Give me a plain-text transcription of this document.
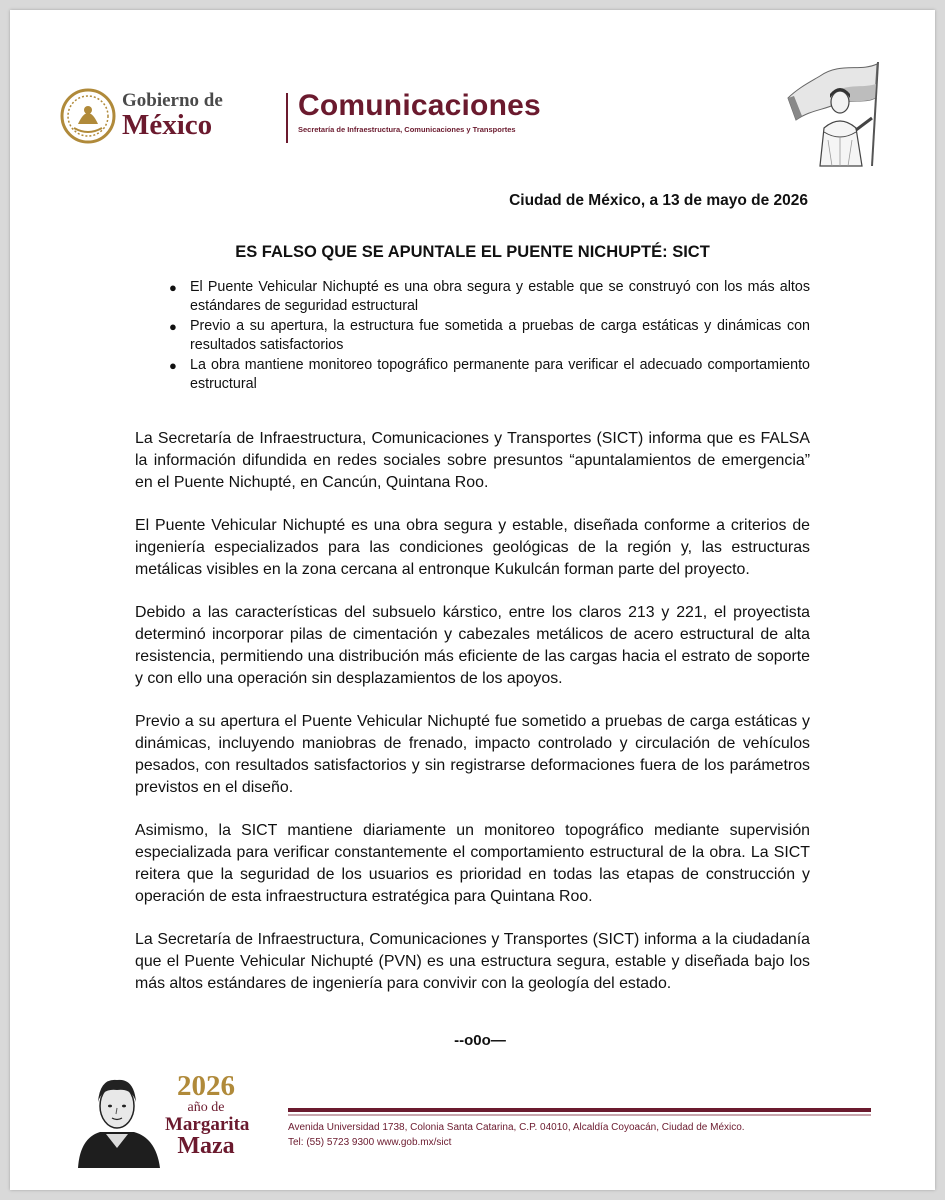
Gobierno de
México
Comunicaciones
Secretaría de Infraestructura, Comunicaciones y Transportes
Ciudad de México, a 13 de mayo de 2026
ES FALSO QUE SE APUNTALE EL PUENTE NICHUPTÉ: SICT
● El Puente Vehicular Nichupté es una obra segura y estable que se construyó con los más altos estándares de seguridad estructural
● Previo a su apertura, la estructura fue sometida a pruebas de carga estáticas y dinámicas con resultados satisfactorios
● La obra mantiene monitoreo topográfico permanente para verificar el adecuado comportamiento estructural

La Secretaría de Infraestructura, Comunicaciones y Transportes (SICT) informa que es FALSA la información difundida en redes sociales sobre presuntos “apuntalamientos de emergencia” en el Puente Nichupté, en Cancún, Quintana Roo.

El Puente Vehicular Nichupté es una obra segura y estable, diseñada conforme a criterios de ingeniería especializados para las condiciones geológicas de la región y, las estructuras metálicas visibles en la zona cercana al entronque Kukulcán forman parte del proyecto.

Debido a las características del subsuelo kárstico, entre los claros 213 y 221, el proyectista determinó incorporar pilas de cimentación y cabezales metálicos de acero estructural de alta resistencia, permitiendo una distribución más eficiente de las cargas hacia el estrato de soporte y con ello una operación sin desplazamientos de los apoyos.

Previo a su apertura el Puente Vehicular Nichupté fue sometido a pruebas de carga estáticas y dinámicas, incluyendo maniobras de frenado, impacto controlado y circulación de vehículos pesados, con resultados satisfactorios y sin registrarse deformaciones fuera de los parámetros previstos en el diseño.

Asimismo, la SICT mantiene diariamente un monitoreo topográfico mediante supervisión especializada para verificar constantemente el comportamiento estructural de la obra. La SICT reitera que la seguridad de los usuarios es prioridad en todas las etapas de construcción y operación de esta infraestructura estratégica para Quintana Roo.

La Secretaría de Infraestructura, Comunicaciones y Transportes (SICT) informa a la ciudadanía que el Puente Vehicular Nichupté (PVN) es una estructura segura, estable y diseñada bajo los más altos estándares de ingeniería para convivir con la geología del estado.

--o0o—
2026
año de
Margarita
Maza
Avenida Universidad 1738, Colonia Santa Catarina, C.P. 04010, Alcaldía Coyoacán, Ciudad de México.
Tel: (55) 5723 9300 www.gob.mx/sict
